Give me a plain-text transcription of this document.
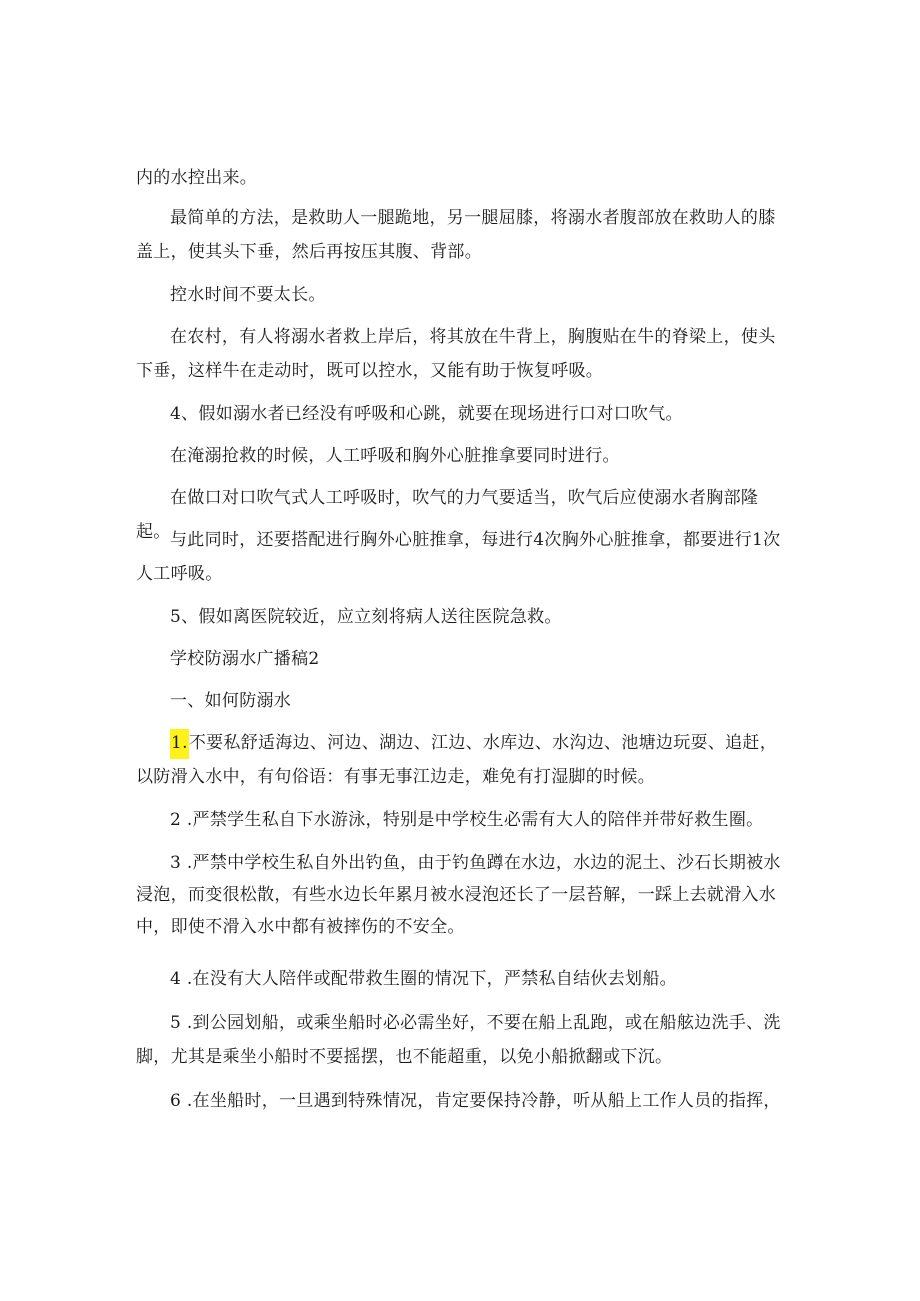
内的水控出来。

最简单的方法，是救助人一腿跪地，另一腿屈膝，将溺水者腹部放在救助人的膝盖上，使其头下垂，然后再按压其腹、背部。

控水时间不要太长。

在农村，有人将溺水者救上岸后，将其放在牛背上，胸腹贴在牛的脊梁上，使头下垂，这样牛在走动时，既可以控水，又能有助于恢复呼吸。

4、假如溺水者已经没有呼吸和心跳，就要在现场进行口对口吹气。

在淹溺抢救的时候，人工呼吸和胸外心脏推拿要同时进行。

在做口对口吹气式人工呼吸时，吹气的力气要适当，吹气后应使溺水者胸部隆起。 与此同时，还要搭配进行胸外心脏推拿，每进行4次胸外心脏推拿，都要进行1次人工呼吸。

5、假如离医院较近，应立刻将病人送往医院急救。

学校防溺水广播稿2

一、如何防溺水

1.不要私舒适海边、河边、湖边、江边、水库边、水沟边、池塘边玩耍、追赶，以防滑入水中，有句俗语：有事无事江边走，难免有打湿脚的时候。

2 .严禁学生私自下水游泳，特别是中学校生必需有大人的陪伴并带好救生圈。

3 .严禁中学校生私自外出钓鱼，由于钓鱼蹲在水边，水边的泥土、沙石长期被水浸泡，而变很松散，有些水边长年累月被水浸泡还长了一层苔解，一踩上去就滑入水中，即使不滑入水中都有被摔伤的不安全。

4 .在没有大人陪伴或配带救生圈的情况下，严禁私自结伙去划船。

5 .到公园划船，或乘坐船时必必需坐好，不要在船上乱跑，或在船舷边洗手、洗脚，尤其是乘坐小船时不要摇摆，也不能超重，以免小船掀翻或下沉。

6 .在坐船时，一旦遇到特殊情况，肯定要保持冷静，听从船上工作人员的指挥，
